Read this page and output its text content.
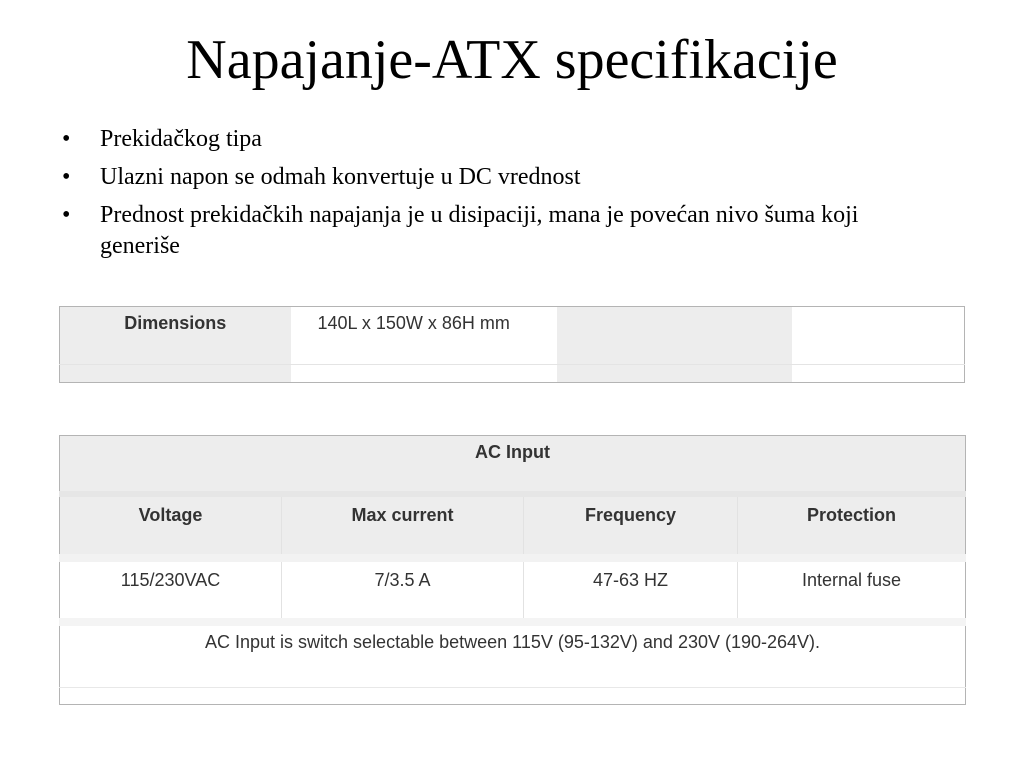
Napajanje-ATX specifikacije
• Prekidačkog tipa
• Ulazni napon se odmah konvertuje u DC vrednost
• Prednost prekidačkih napajanja je u disipaciji, mana je povećan nivo šuma koji generiše
Dimensions	140L x 150W x 86H mm		

AC Input			
Voltage	Max current	Frequency	Protection
115/230VAC	7/3.5 A	47-63 HZ	Internal fuse
AC Input is switch selectable between 115V (95-132V) and 230V (190-264V).			
